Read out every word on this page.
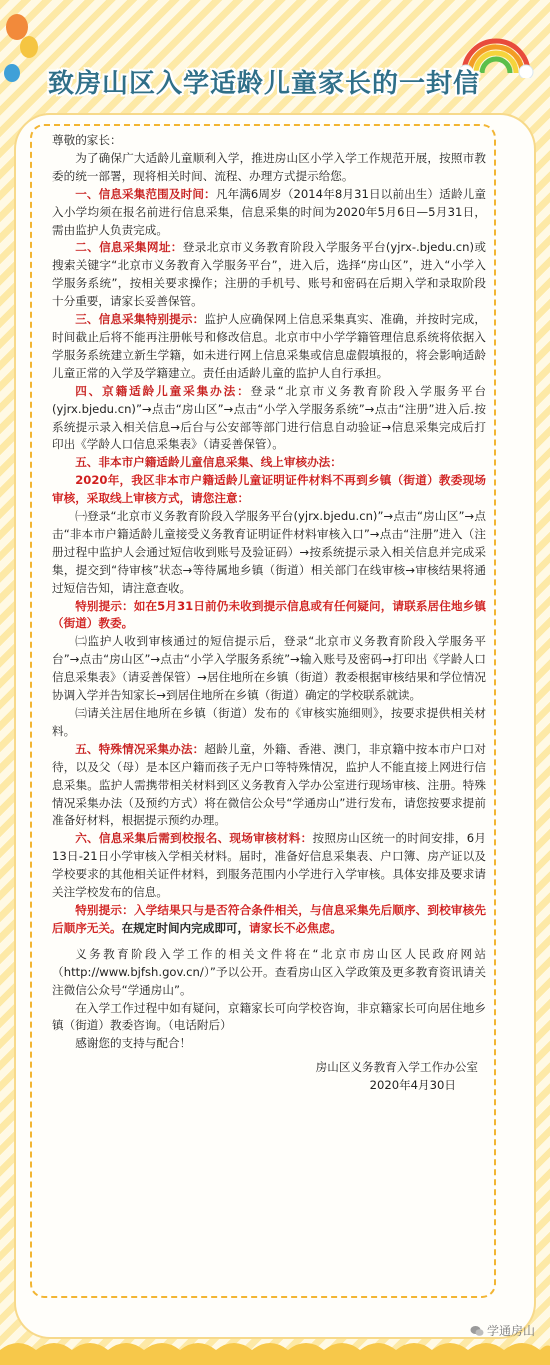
致房山区入学适龄儿童家长的一封信

尊敬的家长：

为了确保广大适龄儿童顺利入学，推进房山区小学入学工作规范开展，按照市教委的统一部署，现将相关时间、流程、办理方式提示给您。

一、信息采集范围及时间：凡年满6周岁（2014年8月31日以前出生）适龄儿童入小学均须在报名前进行信息采集，信息采集的时间为2020年5月6日—5月31日，需由监护人负责完成。

二、信息采集网址：登录北京市义务教育阶段入学服务平台(yjrx-.bjedu.cn)或搜索关键字“北京市义务教育入学服务平台”，进入后，选择“房山区”，进入“小学入学服务系统”，按相关要求操作；注册的手机号、账号和密码在后期入学和录取阶段十分重要，请家长妥善保管。

三、信息采集特别提示：监护人应确保网上信息采集真实、准确，并按时完成，时间截止后将不能再注册帐号和修改信息。北京市中小学学籍管理信息系统将依据入学服务系统建立新生学籍，如未进行网上信息采集或信息虚假填报的，将会影响适龄儿童正常的入学及学籍建立。责任由适龄儿童的监护人自行承担。

四、京籍适龄儿童采集办法：登录“北京市义务教育阶段入学服务平台(yjrx.bjedu.cn)”→点击“房山区”→点击“小学入学服务系统”→点击“注册”进入后.按系统提示录入相关信息→后台与公安部等部门进行信息自动验证→信息采集完成后打印出《学龄人口信息采集表》（请妥善保管）。

五、非本市户籍适龄儿童信息采集、线上审核办法：

2020年，我区非本市户籍适龄儿童证明证件材料不再到乡镇（街道）教委现场审核，采取线上审核方式，请您注意：

㈠登录“北京市义务教育阶段入学服务平台(yjrx.bjedu.cn)”→点击“房山区”→点击“非本市户籍适龄儿童接受义务教育证明证件材料审核入口”→点击“注册”进入（注册过程中监护人会通过短信收到账号及验证码）→按系统提示录入相关信息并完成采集，提交到“待审核”状态→等待属地乡镇（街道）相关部门在线审核→审核结果将通过短信告知，请注意查收。

特别提示：如在5月31日前仍未收到提示信息或有任何疑问，请联系居住地乡镇（街道）教委。

㈡监护人收到审核通过的短信提示后，登录“北京市义务教育阶段入学服务平台”→点击“房山区”→点击“小学入学服务系统”→输入账号及密码→打印出《学龄人口信息采集表》（请妥善保管）→居住地所在乡镇（街道）教委根据审核结果和学位情况协调入学并告知家长→到居住地所在乡镇（街道）确定的学校联系就读。

㈢请关注居住地所在乡镇（街道）发布的《审核实施细则》，按要求提供相关材料。

五、特殊情况采集办法：超龄儿童，外籍、香港、澳门，非京籍中按本市户口对待，以及父（母）是本区户籍而孩子无户口等特殊情况，监护人不能直接上网进行信息采集。监护人需携带相关材料到区义务教育入学办公室进行现场审核、注册。特殊情况采集办法（及预约方式）将在微信公众号“学通房山”进行发布，请您按要求提前准备好材料，根据提示预约办理。

六、信息采集后需到校报名、现场审核材料：按照房山区统一的时间安排，6月13日-21日小学审核入学相关材料。届时，准备好信息采集表、户口簿、房产证以及学校要求的其他相关证件材料，到服务范围内小学进行入学审核。具体安排及要求请关注学校发布的信息。

特别提示：入学结果只与是否符合条件相关，与信息采集先后顺序、到校审核先后顺序无关。在规定时间内完成即可，请家长不必焦虑。

义务教育阶段入学工作的相关文件将在“北京市房山区人民政府网站（http://www.bjfsh.gov.cn/）”予以公开。查看房山区入学政策及更多教育资讯请关注微信公众号“学通房山”。

在入学工作过程中如有疑问，京籍家长可向学校咨询，非京籍家长可向居住地乡镇（街道）教委咨询。（电话附后）

感谢您的支持与配合！

房山区义务教育入学工作办公室

2020年4月30日

学通房山
